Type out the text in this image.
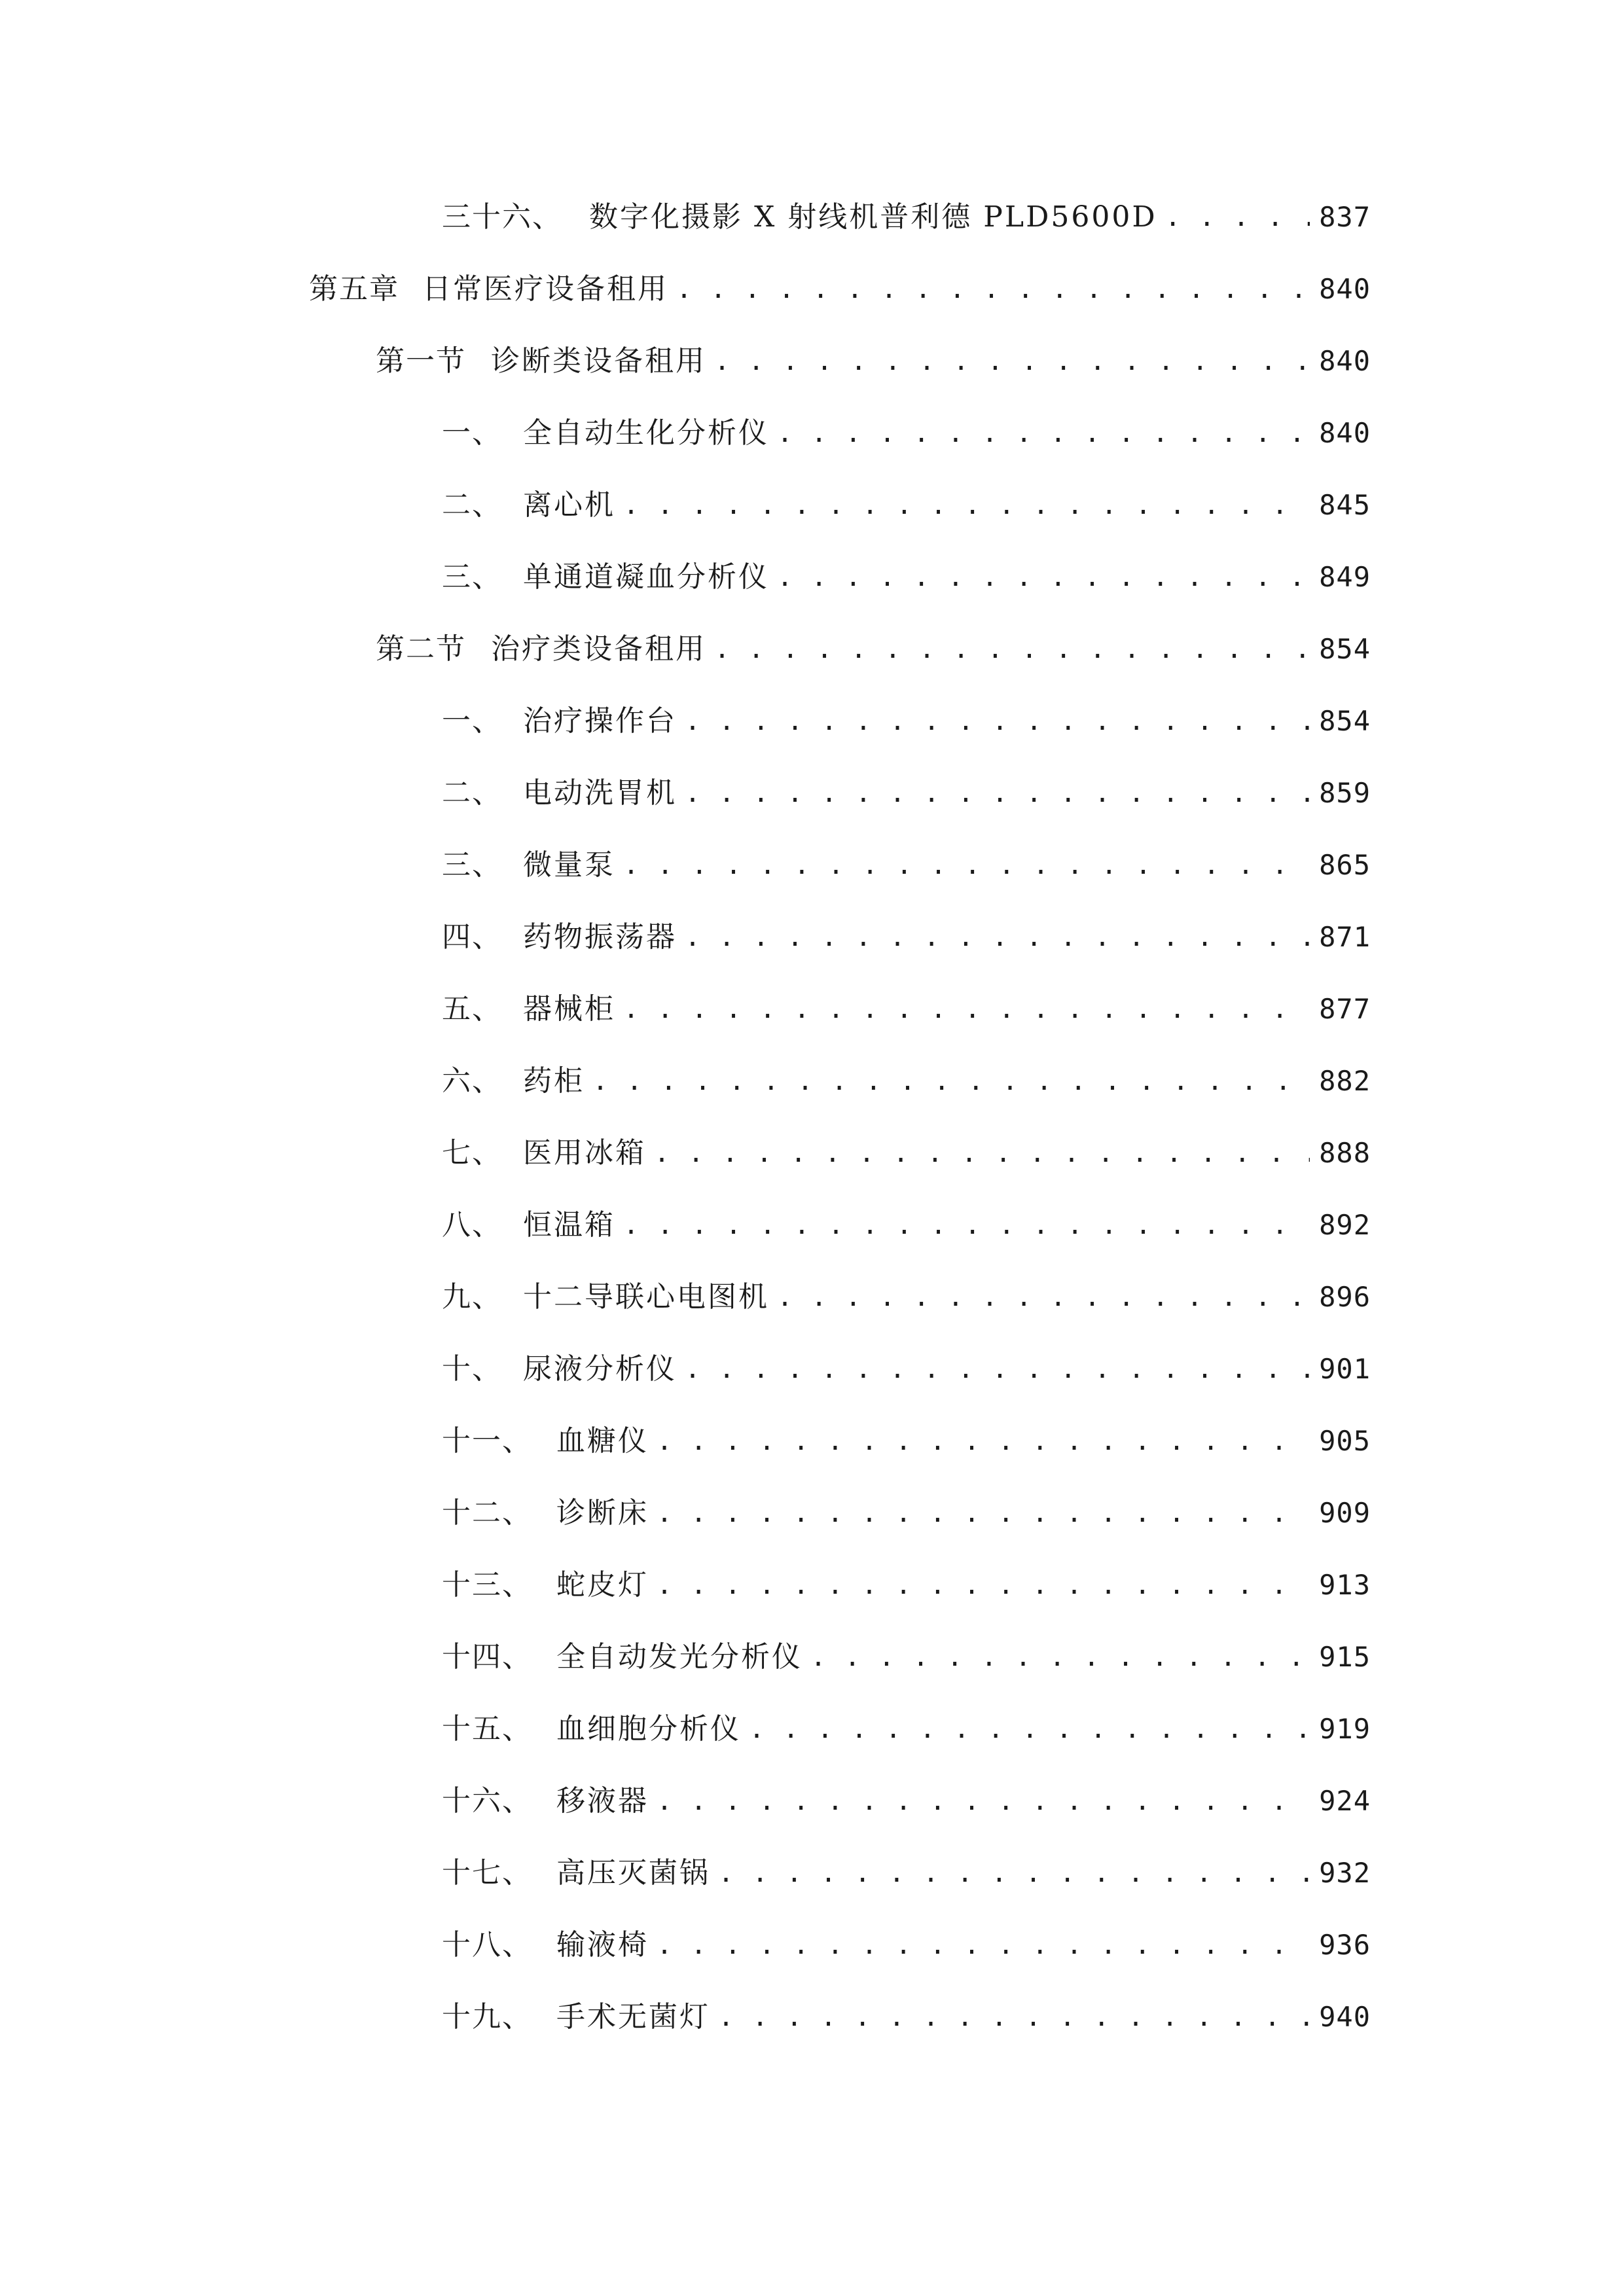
三十六、 数字化摄影 X 射线机普利德 PLD5600D . . .	837
第五章 日常医疗设备租用 . . .	840
第一节 诊断类设备租用 . . .	840
一、 全自动生化分析仪 . . .	840
二、 离心机 . . .	845
三、 单通道凝血分析仪 . . .	849
第二节 治疗类设备租用 . . .	854
一、 治疗操作台 . . .	854
二、 电动洗胃机 . . .	859
三、 微量泵 . . .	865
四、 药物振荡器 . . .	871
五、 器械柜 . . .	877
六、 药柜 . . .	882
七、 医用冰箱 . . .	888
八、 恒温箱 . . .	892
九、 十二导联心电图机 . . .	896
十、 尿液分析仪 . . .	901
十一、 血糖仪 . . .	905
十二、 诊断床 . . .	909
十三、 蛇皮灯 . . .	913
十四、 全自动发光分析仪 . . .	915
十五、 血细胞分析仪 . . .	919
十六、 移液器 . . .	924
十七、 高压灭菌锅 . . .	932
十八、 输液椅 . . .	936
十九、 手术无菌灯 . . .	940
